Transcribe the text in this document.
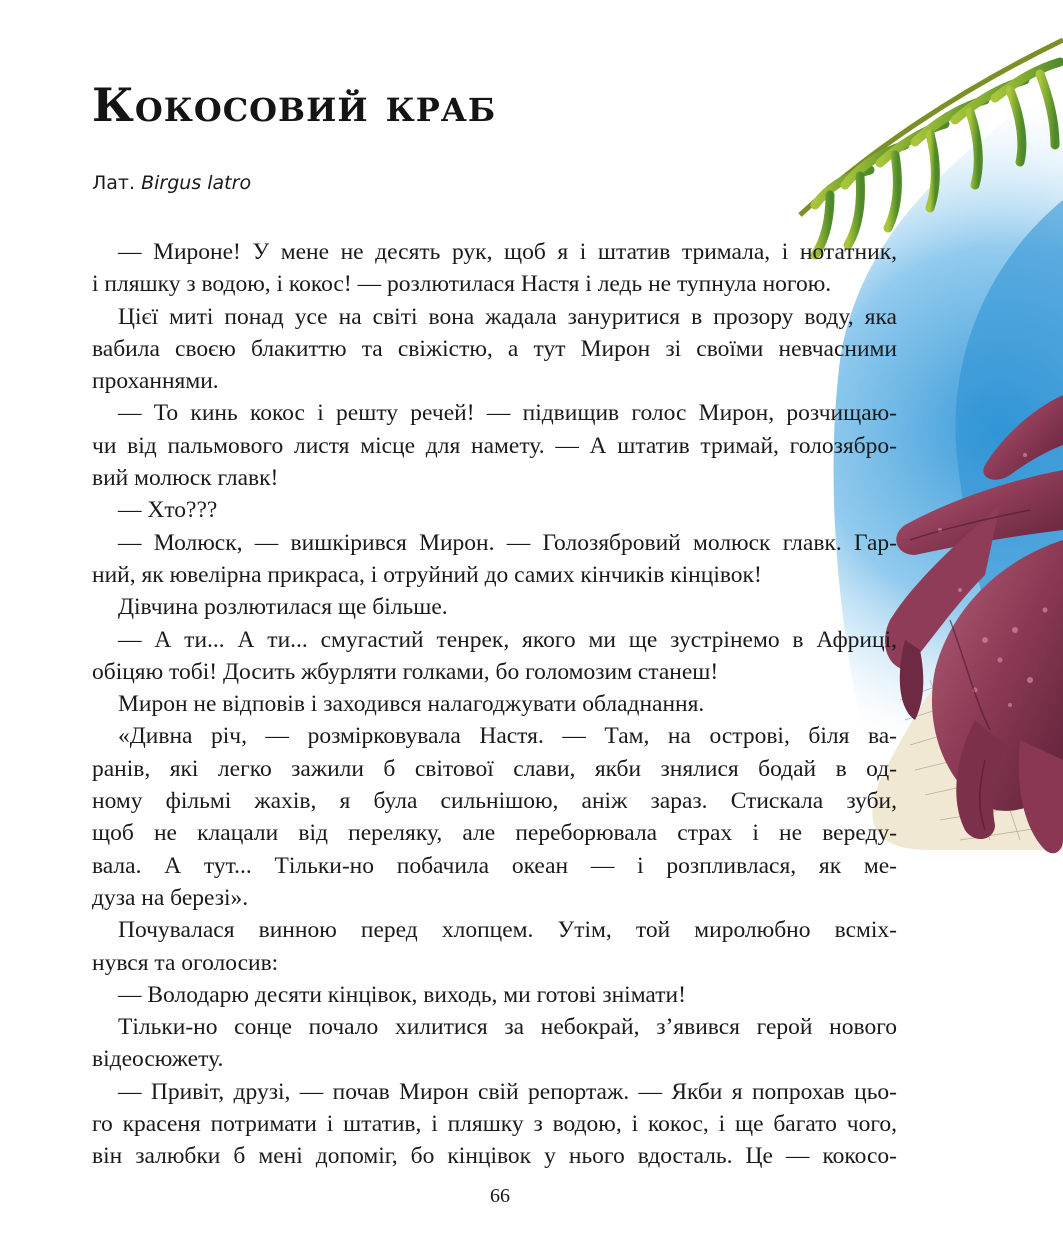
Кокосовий краб
Лат. Birgus latro
— Мироне! У мене не десять рук, щоб я і штатив тримала, і нотатник,
і пляшку з водою, і кокос! — розлютилася Настя і ледь не тупнула ногою.
Цієї миті понад усе на світі вона жадала зануритися в прозору воду, яка
вабила своєю блакиттю та свіжістю, а тут Мирон зі своїми невчасними
проханнями.
— То кинь кокос і решту речей! — підвищив голос Мирон, розчищаю-
чи від пальмового листя місце для намету. — А штатив тримай, голозябро-
вий молюск главк!
— Хто???
— Молюск, — вишкірився Мирон. — Голозябровий молюск главк. Гар-
ний, як ювелірна прикраса, і отруйний до самих кінчиків кінцівок!
Дівчина розлютилася ще більше.
— А ти... А ти... смугастий тенрек, якого ми ще зустрінемо в Африці,
обіцяю тобі! Досить жбурляти голками, бо голомозим станеш!
Мирон не відповів і заходився налагоджувати обладнання.
«Дивна річ, — розмірковувала Настя. — Там, на острові, біля ва-
ранів, які легко зажили б світової слави, якби знялися бодай в од-
ному фільмі жахів, я була сильнішою, аніж зараз. Стискала зуби,
щоб не клацали від переляку, але переборювала страх і не вереду-
вала. А тут... Тільки-но побачила океан — і розпливлася, як ме-
дуза на березі».
Почувалася винною перед хлопцем. Утім, той миролюбно всміх-
нувся та оголосив:
— Володарю десяти кінцівок, виходь, ми готові знімати!
Тільки-но сонце почало хилитися за небокрай, з’явився герой нового
відеосюжету.
— Привіт, друзі, — почав Мирон свій репортаж. — Якби я попрохав цьо-
го красеня потримати і штатив, і пляшку з водою, і кокос, і ще багато чого,
він залюбки б мені допоміг, бо кінцівок у нього вдосталь. Це — кокосо-
66
